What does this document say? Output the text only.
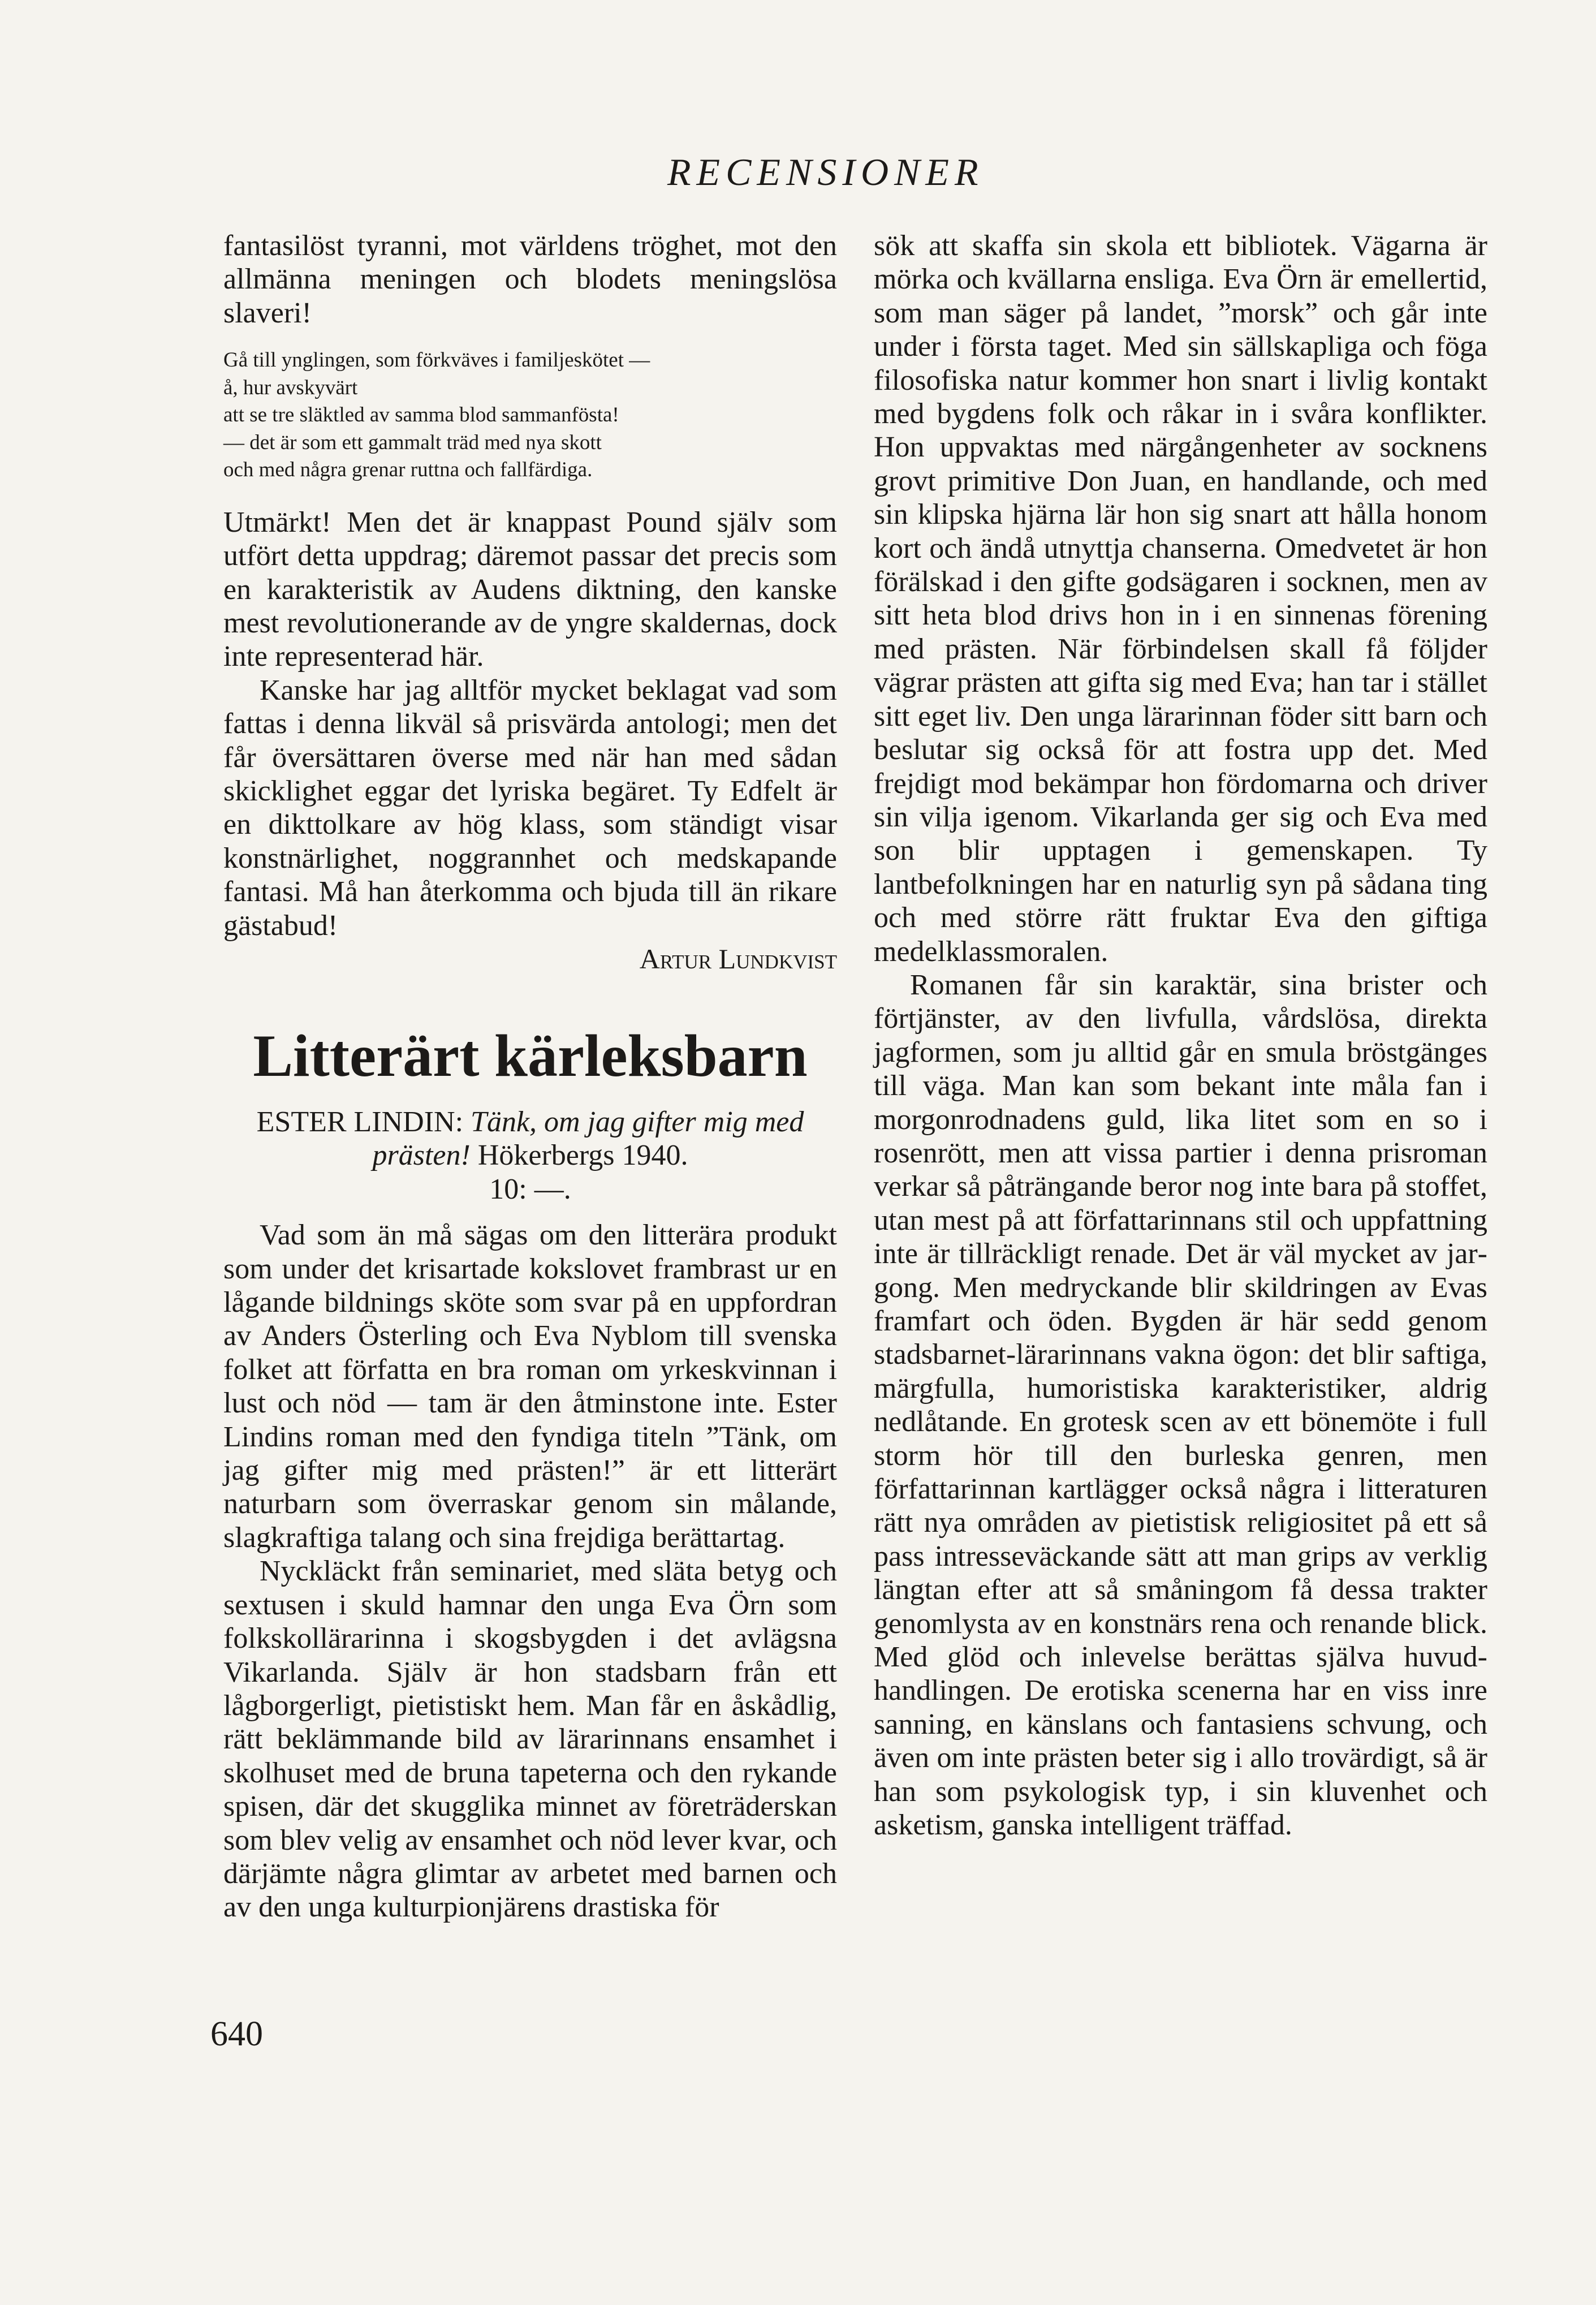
RECENSIONER

fantasilöst tyranni, mot världens tröghet, mot den allmänna meningen och blodets meningslösa slaveri!

Gå till ynglingen, som förkväves i familjeskötet —
å, hur avskyvärt
att se tre släktled av samma blod sammanfösta!
— det är som ett gammalt träd med nya skott
och med några grenar ruttna och fallfärdiga.

Utmärkt! Men det är knappast Pound själv som utfört detta uppdrag; däremot passar det precis som en karakteristik av Audens diktning, den kanske mest revolutionerande av de yngre skaldernas, dock inte representerad här.

Kanske har jag alltför mycket beklagat vad som fattas i denna likväl så prisvärda antologi; men det får översättaren överse med när han med sådan skicklighet eggar det lyriska begäret. Ty Edfelt är en dikttolkare av hög klass, som ständigt visar konstnärlighet, noggrannhet och medskapande fantasi. Må han återkomma och bjuda till än rikare gästabud!

Artur Lundkvist
Litterärt kärleksbarn
ESTER LINDIN: Tänk, om jag gifter mig med prästen! Hökerbergs 1940.
10: —.

Vad som än må sägas om den litterära produkt som under det krisartade kokslovet frambrast ur en lågande bildnings sköte som svar på en uppfordran av Anders Österling och Eva Nyblom till svenska folket att författa en bra roman om yrkeskvinnan i lust och nöd — tam är den åtminstone inte. Ester Lindins roman med den fyndiga titeln ”Tänk, om jag gifter mig med prästen!” är ett litterärt naturbarn som överraskar genom sin målande, slagkraftiga talang och sina frejdiga berättartag.

Nyckläckt från seminariet, med släta betyg och sextusen i skuld hamnar den unga Eva Örn som folkskollärarinna i skogsbygden i det avlägsna Vikarlanda. Själv är hon stadsbarn från ett lågborgerligt, pietistiskt hem. Man får en åskådlig, rätt beklämmande bild av lärarinnans ensamhet i skolhuset med de bruna tapeterna och den rykande spisen, där det skugglika minnet av företräderskan som blev velig av ensamhet och nöd lever kvar, och därjämte några glimtar av arbetet med barnen och av den unga kulturpionjärens drastiska för

sök att skaffa sin skola ett bibliotek. Vägarna är mörka och kvällarna ensliga. Eva Örn är emellertid, som man säger på landet, ”morsk” och går inte under i första taget. Med sin sällskapliga och föga filosofiska natur kommer hon snart i livlig kontakt med bygdens folk och råkar in i svåra konflikter. Hon uppvaktas med närgångenheter av socknens grovt primitive Don Juan, en handlande, och med sin klipska hjärna lär hon sig snart att hålla honom kort och ändå utnyttja chanserna. Omedvetet är hon förälskad i den gifte godsägaren i socknen, men av sitt heta blod drivs hon in i en sinnenas förening med prästen. När förbindelsen skall få följder vägrar prästen att gifta sig med Eva; han tar i stället sitt eget liv. Den unga lärarinnan föder sitt barn och beslutar sig också för att fostra upp det. Med frejdigt mod bekämpar hon fördomarna och driver sin vilja igenom. Vikarlanda ger sig och Eva med son blir upptagen i gemenskapen. Ty lantbefolkningen har en naturlig syn på sådana ting och med större rätt fruktar Eva den giftiga medelklassmoralen.

Romanen får sin karaktär, sina brister och förtjänster, av den livfulla, vårdslösa, direkta jagformen, som ju alltid går en smula bröstgänges till väga. Man kan som bekant inte måla fan i morgonrodnadens guld, lika litet som en so i rosenrött, men att vissa partier i denna prisroman verkar så påträngande beror nog inte bara på stoffet, utan mest på att författarinnans stil och uppfattning inte är tillräckligt renade. Det är väl mycket av jargong. Men medryckande blir skildringen av Evas framfart och öden. Bygden är här sedd genom stadsbarnet-lärarinnans vakna ögon: det blir saftiga, märgfulla, humoristiska karakteristiker, aldrig nedlåtande. En grotesk scen av ett bönemöte i full storm hör till den burleska genren, men författarinnan kartlägger också några i litteraturen rätt nya områden av pietistisk religiositet på ett så pass intresseväckande sätt att man grips av verklig längtan efter att så småningom få dessa trakter genomlysta av en konstnärs rena och renande blick. Med glöd och inlevelse berättas själva huvudhandlingen. De erotiska scenerna har en viss inre sanning, en känslans och fantasiens schvung, och även om inte prästen beter sig i allo trovärdigt, så är han som psykologisk typ, i sin kluvenhet och asketism, ganska intelligent träffad.

640
